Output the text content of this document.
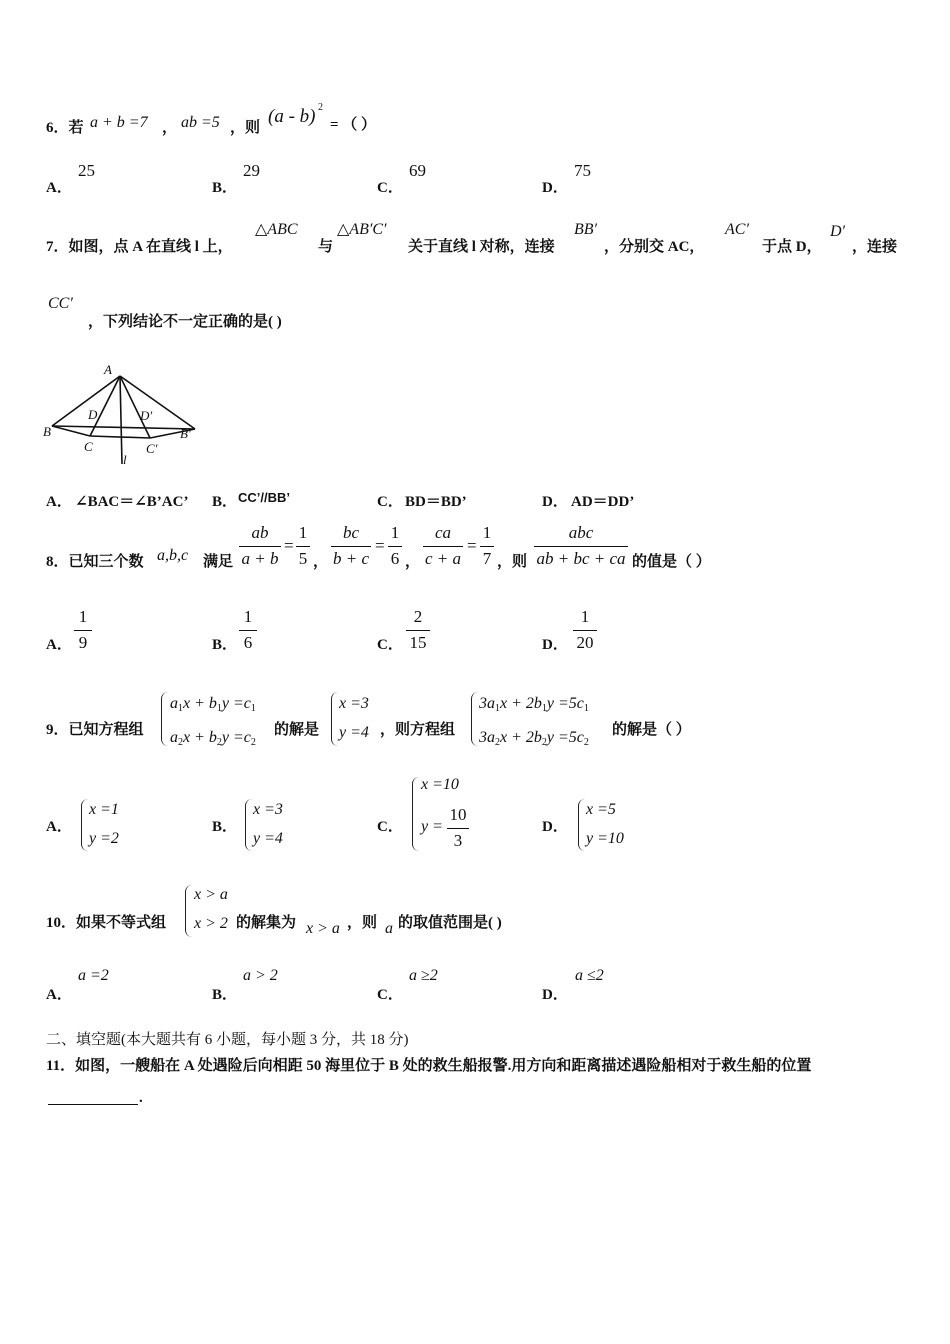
6．若 a + b =7 ， ab =5 ，则
(a - b) 2
= （ ）
A．
25
B．
29
C．
69
D．
75
7．如图，点 A 在直线 l 上，
△ABC
与
△AB′C′
关于直线 l 对称，连接
BB′
，分别交 AC，
AC′
于点 D，
D′
，连接
CC′
，下列结论不一定正确的是( )
A
B
C
D	D′
C′
B′
l
A． ∠BAC＝∠B’AC’ B． CC’//BB’	C． BD＝BD’	D． AD＝DD’
8．已知三个数 a,b,c 满足
ab
a + b
=
1
5 ，
bc
b + c
=
1
6 ，
ca
c + a
=
1
7 ，则
abc
ab + bc + ca 的值是（ ）
A．
1
9	B．
1
6	C．
2
15	D．
1
20
9．已知方程组
$a_1x + b_1y =c_1$
$a_2x + b_2y =c_2$
的解是
x =3
y =4 ，则方程组
$3a_1x + 2b_1y =5c_1$
$3a_2x + 2b_2y =5c_2$
的解是（ ）
A．
x =1
y =2
B．
x =3
y =4
C．
x =10
y =
10
3
D．
x =5
y =10
10．如果不等式组
x > a
x > 2 的解集为 x > a ，则 a 的取值范围是( )
A．
a =2
B．
a > 2
C．
a ≥2
D．
a ≤2
二、填空题(本大题共有 6 小题，每小题 3 分，共 18 分)
11．如图，一艘船在 A 处遇险后向相距 50 海里位于 B 处的救生船报警.用方向和距离描述遇险船相对于救生船的位置
.
